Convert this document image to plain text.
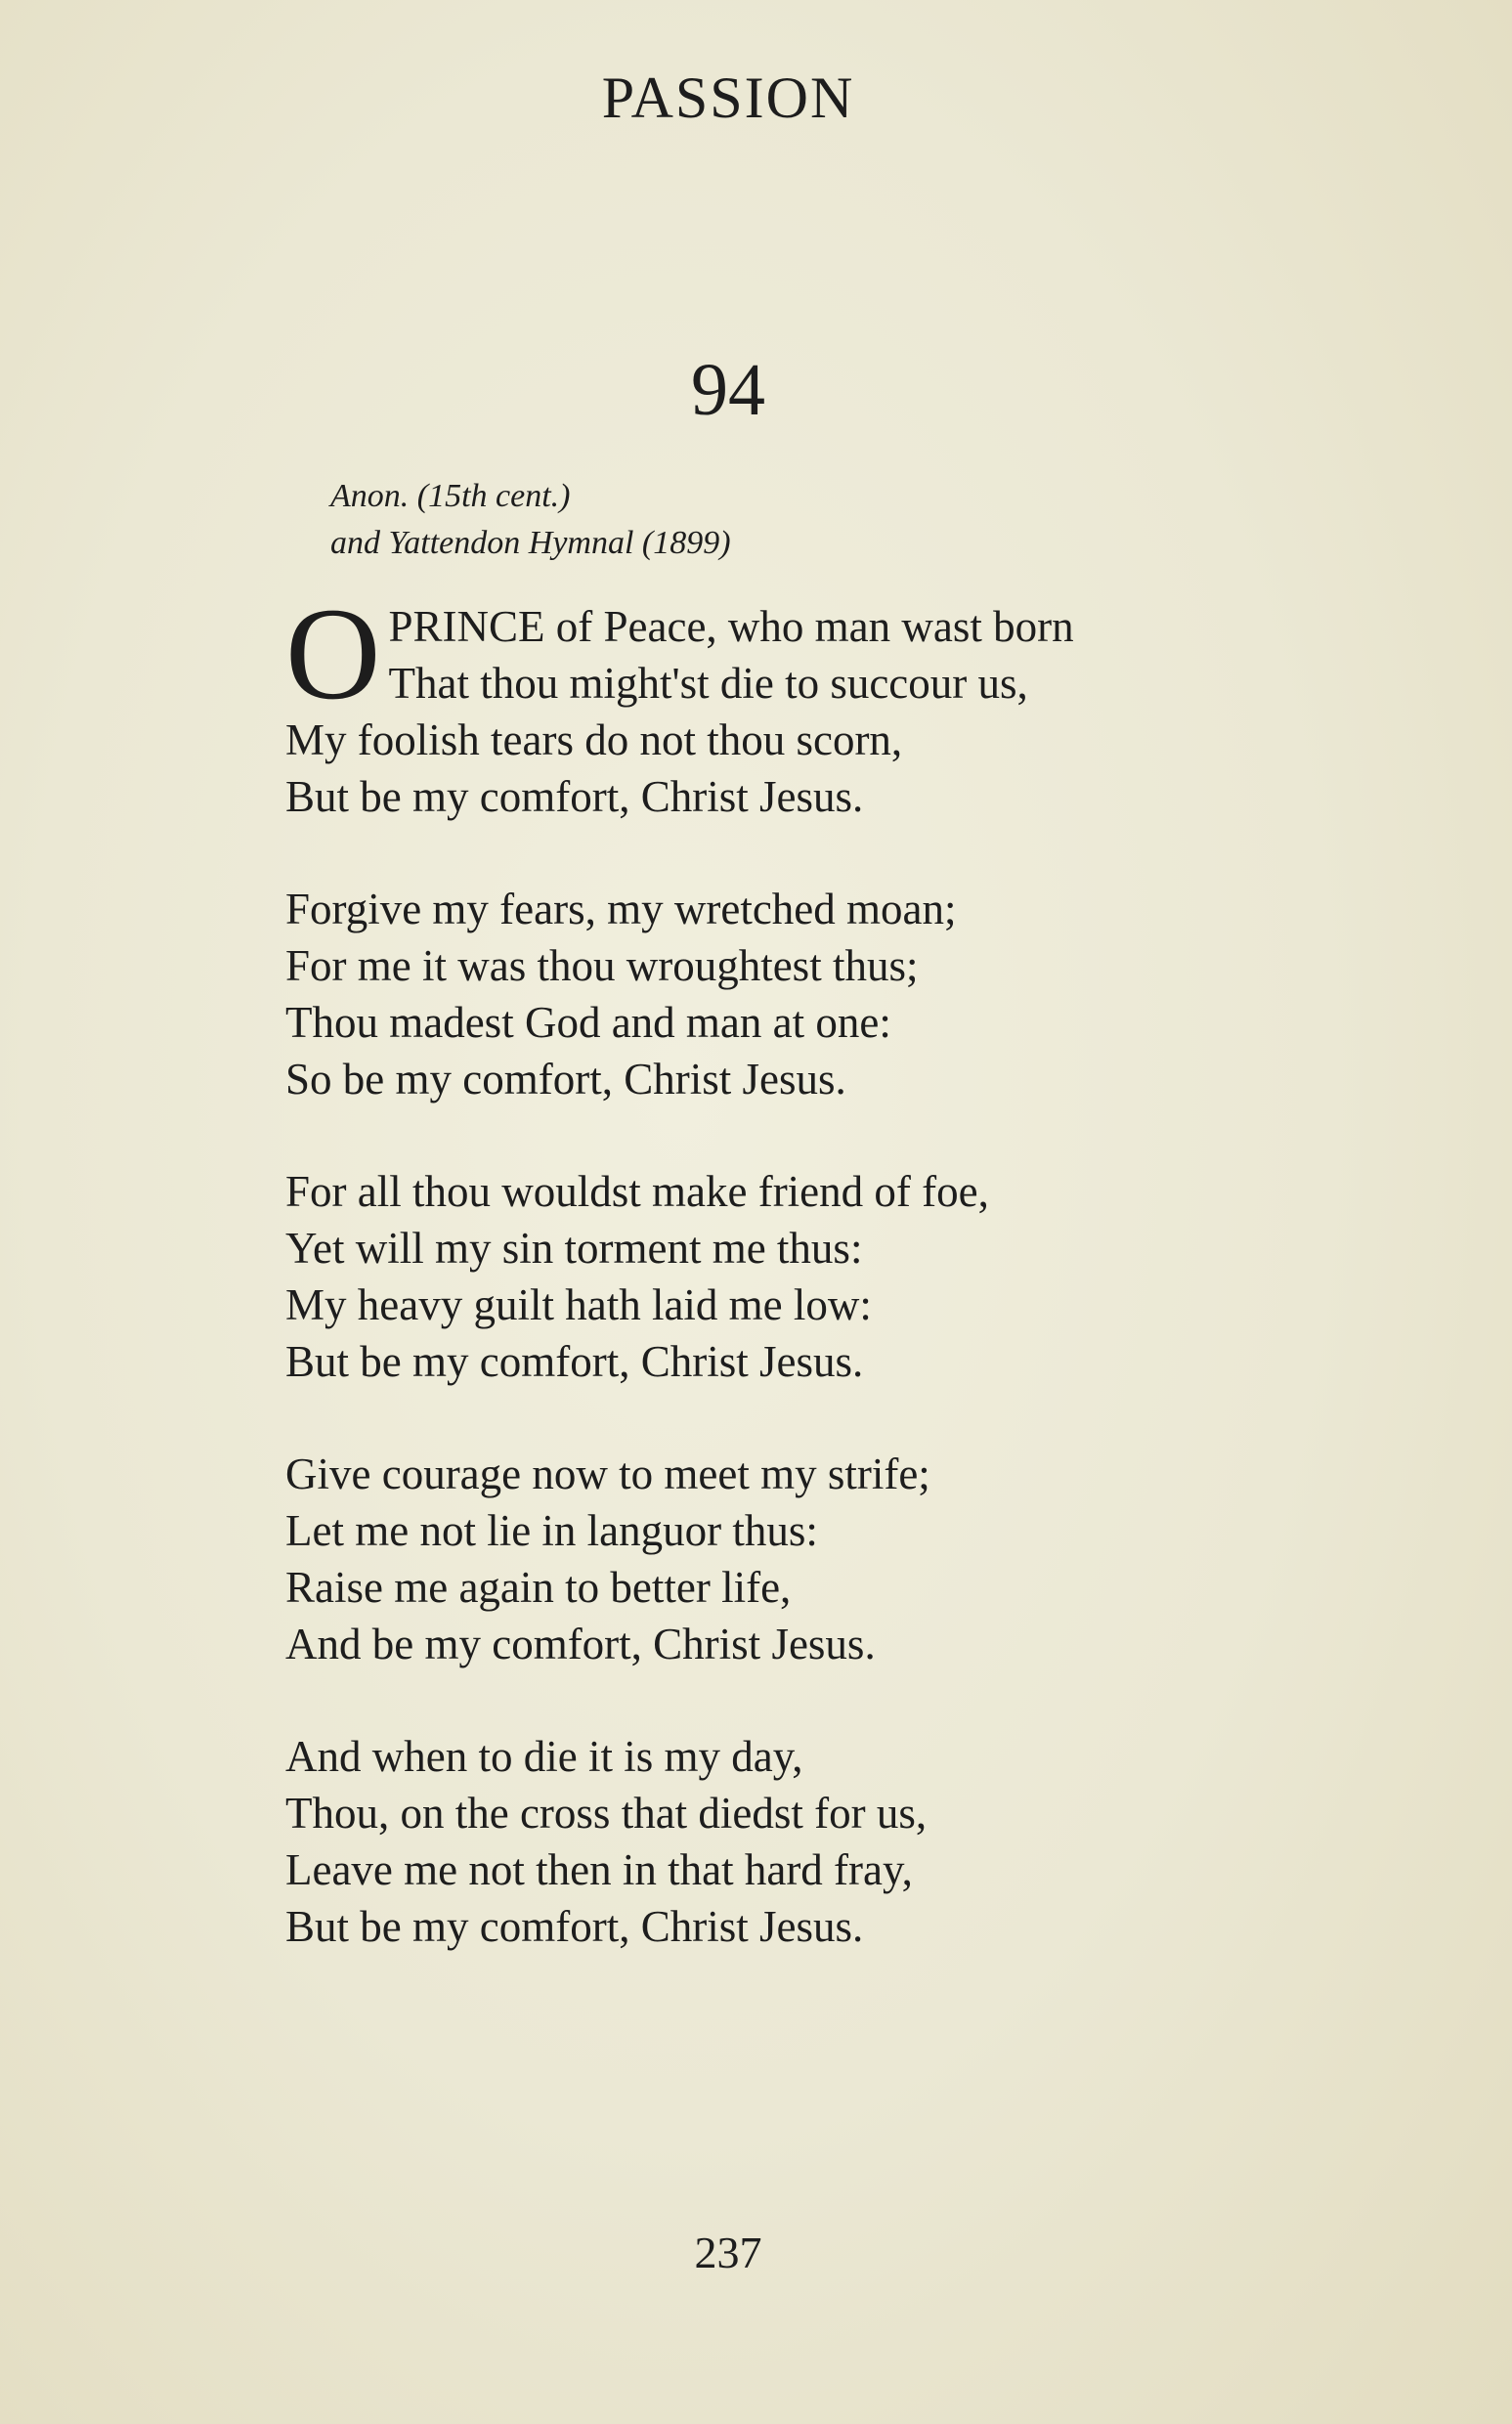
PASSION
94
Anon. (15th cent.)
and Yattendon Hymnal (1899)
O PRINCE of Peace, who man wast born
That thou might'st die to succour us,
My foolish tears do not thou scorn,
But be my comfort, Christ Jesus.
Forgive my fears, my wretched moan;
For me it was thou wroughtest thus;
Thou madest God and man at one:
So be my comfort, Christ Jesus.
For all thou wouldst make friend of foe,
Yet will my sin torment me thus:
My heavy guilt hath laid me low:
But be my comfort, Christ Jesus.
Give courage now to meet my strife;
Let me not lie in languor thus:
Raise me again to better life,
And be my comfort, Christ Jesus.
And when to die it is my day,
Thou, on the cross that diedst for us,
Leave me not then in that hard fray,
But be my comfort, Christ Jesus.
237
